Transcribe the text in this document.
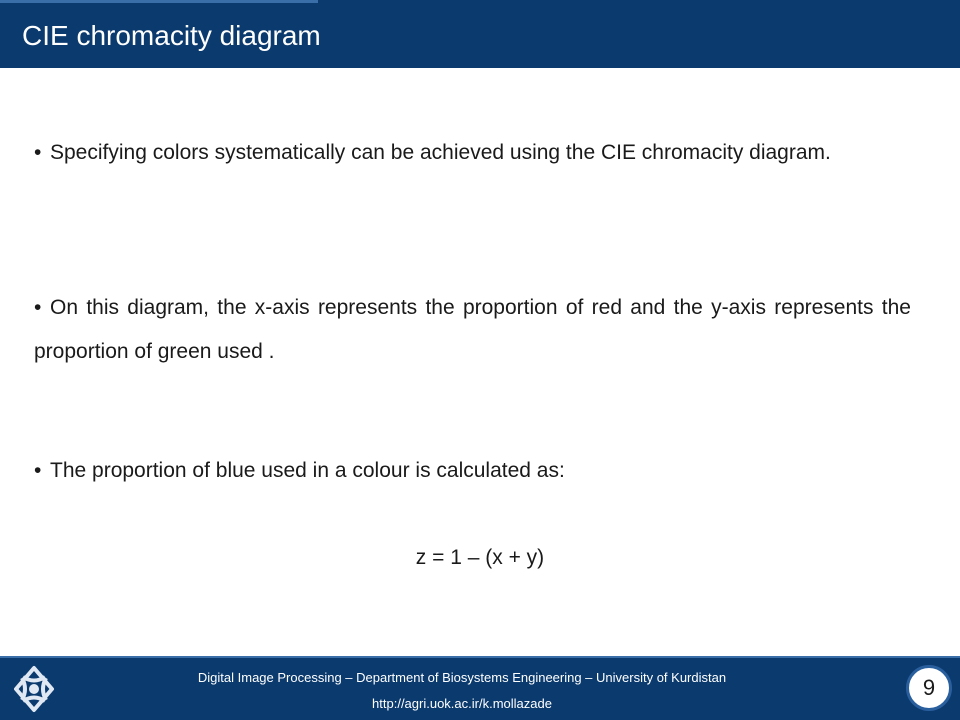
CIE chromacity diagram
• Specifying colors systematically can be achieved using the CIE chromacity diagram.
• On this diagram, the x-axis represents the proportion of red and the y-axis represents the proportion of green used .
• The proportion of blue used in a colour is calculated as:
z = 1 – (x + y)
Digital Image Processing – Department of Biosystems Engineering – University of Kurdistan
http://agri.uok.ac.ir/k.mollazade
9
